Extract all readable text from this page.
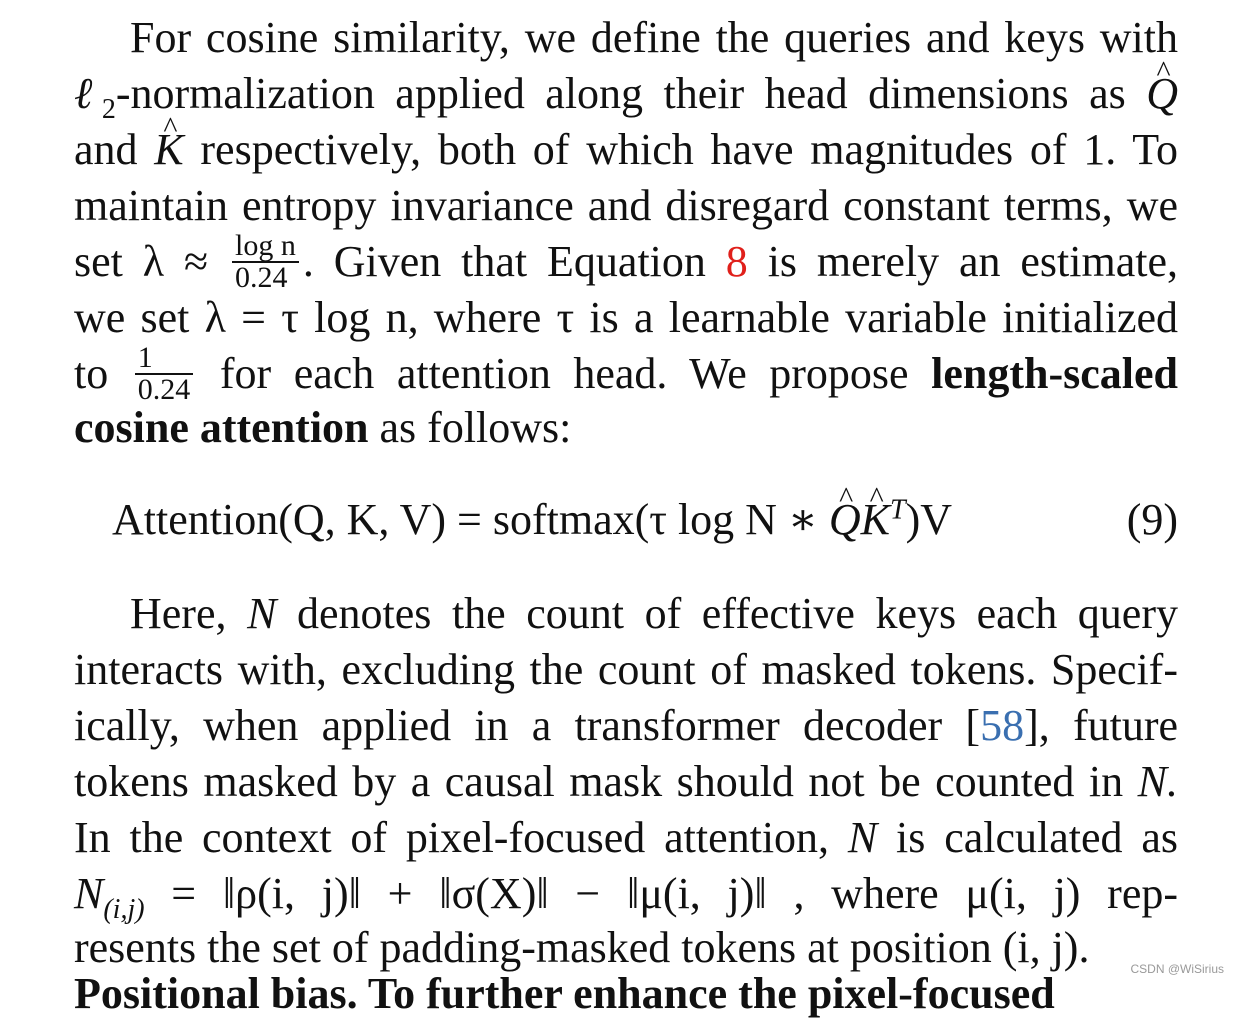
For cosine similarity, we define the queries and keys with
ℓ$_2$-normalization applied along their head dimensions as Q ^
and K ^ respectively, both of which have magnitudes of 1. To
maintain entropy invariance and disregard constant terms, we
set $\lambda \approx \frac{\text{log n}}{0.24}$ . Given that Equation 8 is merely an estimate,
we set λ = τ log n, where τ is a learnable variable initialized
to $\frac{1}{0.24}$ for each attention head. We propose length-scaled
cosine attention as follows:
Attention(Q, K, V) = softmax(τ log N ∗ Q ^K ^$^T$)V	(9)
Here, N denotes the count of effective keys each query
interacts with, excluding the count of masked tokens. Specif-
ically, when applied in a transformer decoder [58], future
tokens masked by a causal mask should not be counted in N.
In the context of pixel-focused attention, N is calculated as
$N_{(i,j)}$ = ‖ρ(i, j)‖ + ‖σ(X)‖ − ‖μ(i, j)‖ , where μ(i, j) rep-
resents the set of padding-masked tokens at position (i, j).
Positional bias. To further enhance the pixel-focused	CSDN @WiSirius
